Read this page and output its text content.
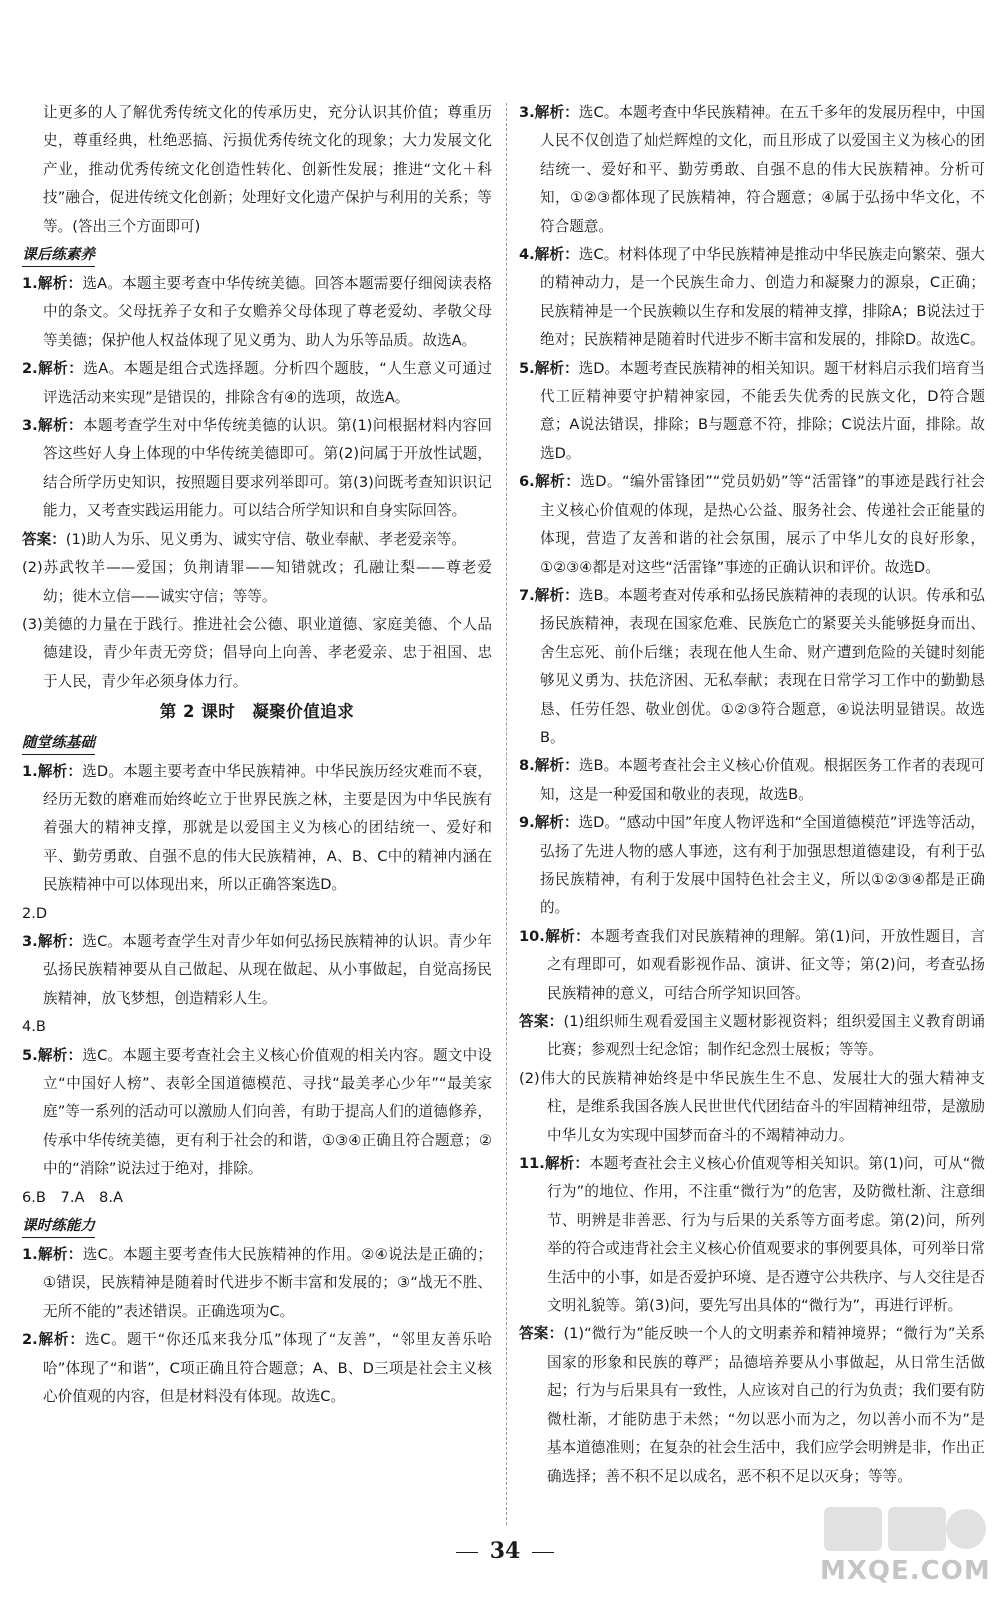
让更多的人了解优秀传统文化的传承历史，充分认识其价值；尊重历史，尊重经典，杜绝恶搞、污损优秀传统文化的现象；大力发展文化产业，推动优秀传统文化创造性转化、创新性发展；推进“文化＋科技”融合，促进传统文化创新；处理好文化遗产保护与利用的关系；等等。(答出三个方面即可)

课后练素养

1.解析：选A。本题主要考查中华传统美德。回答本题需要仔细阅读表格中的条文。父母抚养子女和子女赡养父母体现了尊老爱幼、孝敬父母等美德；保护他人权益体现了见义勇为、助人为乐等品质。故选A。

2.解析：选A。本题是组合式选择题。分析四个题肢，“人生意义可通过评选活动来实现”是错误的，排除含有④的选项，故选A。

3.解析：本题考查学生对中华传统美德的认识。第(1)问根据材料内容回答这些好人身上体现的中华传统美德即可。第(2)问属于开放性试题，结合所学历史知识，按照题目要求列举即可。第(3)问既考查知识识记能力，又考查实践运用能力。可以结合所学知识和自身实际回答。

答案：(1)助人为乐、见义勇为、诚实守信、敬业奉献、孝老爱亲等。

(2)苏武牧羊——爱国；负荆请罪——知错就改；孔融让梨——尊老爱幼；徙木立信——诚实守信；等等。

(3)美德的力量在于践行。推进社会公德、职业道德、家庭美德、个人品德建设，青少年责无旁贷；倡导向上向善、孝老爱亲、忠于祖国、忠于人民，青少年必须身体力行。

第 2 课时　凝聚价值追求
随堂练基础

1.解析：选D。本题主要考查中华民族精神。中华民族历经灾难而不衰，经历无数的磨难而始终屹立于世界民族之林，主要是因为中华民族有着强大的精神支撑，那就是以爱国主义为核心的团结统一、爱好和平、勤劳勇敢、自强不息的伟大民族精神，A、B、C中的精神内涵在民族精神中可以体现出来，所以正确答案选D。

2.D

3.解析：选C。本题考查学生对青少年如何弘扬民族精神的认识。青少年弘扬民族精神要从自己做起、从现在做起、从小事做起，自觉高扬民族精神，放飞梦想，创造精彩人生。

4.B

5.解析：选C。本题主要考查社会主义核心价值观的相关内容。题文中设立“中国好人榜”、表彰全国道德模范、寻找“最美孝心少年”“最美家庭”等一系列的活动可以激励人们向善，有助于提高人们的道德修养，传承中华传统美德，更有利于社会的和谐，①③④正确且符合题意；②中的“消除”说法过于绝对，排除。

6.B　7.A　8.A

课时练能力

1.解析：选C。本题主要考查伟大民族精神的作用。②④说法是正确的；①错误，民族精神是随着时代进步不断丰富和发展的；③“战无不胜、无所不能的”表述错误。正确选项为C。

2.解析：选C。题干“你还瓜来我分瓜”体现了“友善”，“邻里友善乐哈哈”体现了“和谐”，C项正确且符合题意；A、B、D三项是社会主义核心价值观的内容，但是材料没有体现。故选C。

3.解析：选C。本题考查中华民族精神。在五千多年的发展历程中，中国人民不仅创造了灿烂辉煌的文化，而且形成了以爱国主义为核心的团结统一、爱好和平、勤劳勇敢、自强不息的伟大民族精神。分析可知，①②③都体现了民族精神，符合题意；④属于弘扬中华文化，不符合题意。

4.解析：选C。材料体现了中华民族精神是推动中华民族走向繁荣、强大的精神动力，是一个民族生命力、创造力和凝聚力的源泉，C正确；民族精神是一个民族赖以生存和发展的精神支撑，排除A；B说法过于绝对；民族精神是随着时代进步不断丰富和发展的，排除D。故选C。

5.解析：选D。本题考查民族精神的相关知识。题干材料启示我们培育当代工匠精神要守护精神家园，不能丢失优秀的民族文化，D符合题意；A说法错误，排除；B与题意不符，排除；C说法片面，排除。故选D。

6.解析：选D。“编外雷锋团”“党员奶奶”等“活雷锋”的事迹是践行社会主义核心价值观的体现，是热心公益、服务社会、传递社会正能量的体现，营造了友善和谐的社会氛围，展示了中华儿女的良好形象，①②③④都是对这些“活雷锋”事迹的正确认识和评价。故选D。

7.解析：选B。本题考查对传承和弘扬民族精神的表现的认识。传承和弘扬民族精神，表现在国家危难、民族危亡的紧要关头能够挺身而出、舍生忘死、前仆后继；表现在他人生命、财产遭到危险的关键时刻能够见义勇为、扶危济困、无私奉献；表现在日常学习工作中的勤勤恳恳、任劳任怨、敬业创优。①②③符合题意，④说法明显错误。故选B。

8.解析：选B。本题考查社会主义核心价值观。根据医务工作者的表现可知，这是一种爱国和敬业的表现，故选B。

9.解析：选D。“感动中国”年度人物评选和“全国道德模范”评选等活动，弘扬了先进人物的感人事迹，这有利于加强思想道德建设，有利于弘扬民族精神，有利于发展中国特色社会主义，所以①②③④都是正确的。

10.解析：本题考查我们对民族精神的理解。第(1)问，开放性题目，言之有理即可，如观看影视作品、演讲、征文等；第(2)问，考查弘扬民族精神的意义，可结合所学知识回答。

答案：(1)组织师生观看爱国主义题材影视资料；组织爱国主义教育朗诵比赛；参观烈士纪念馆；制作纪念烈士展板；等等。

(2)伟大的民族精神始终是中华民族生生不息、发展壮大的强大精神支柱，是维系我国各族人民世世代代团结奋斗的牢固精神纽带，是激励中华儿女为实现中国梦而奋斗的不竭精神动力。

11.解析：本题考查社会主义核心价值观等相关知识。第(1)问，可从“微行为”的地位、作用，不注重“微行为”的危害，及防微杜渐、注意细节、明辨是非善恶、行为与后果的关系等方面考虑。第(2)问，所列举的符合或违背社会主义核心价值观要求的事例要具体，可列举日常生活中的小事，如是否爱护环境、是否遵守公共秩序、与人交往是否文明礼貌等。第(3)问，要先写出具体的“微行为”，再进行评析。

答案：(1)“微行为”能反映一个人的文明素养和精神境界；“微行为”关系国家的形象和民族的尊严；品德培养要从小事做起，从日常生活做起；行为与后果具有一致性，人应该对自己的行为负责；我们要有防微杜渐，才能防患于未然；“勿以恶小而为之，勿以善小而不为”是基本道德准则；在复杂的社会生活中，我们应学会明辨是非，作出正确选择；善不积不足以成名，恶不积不足以灭身；等等。

34
MXQE.COM
